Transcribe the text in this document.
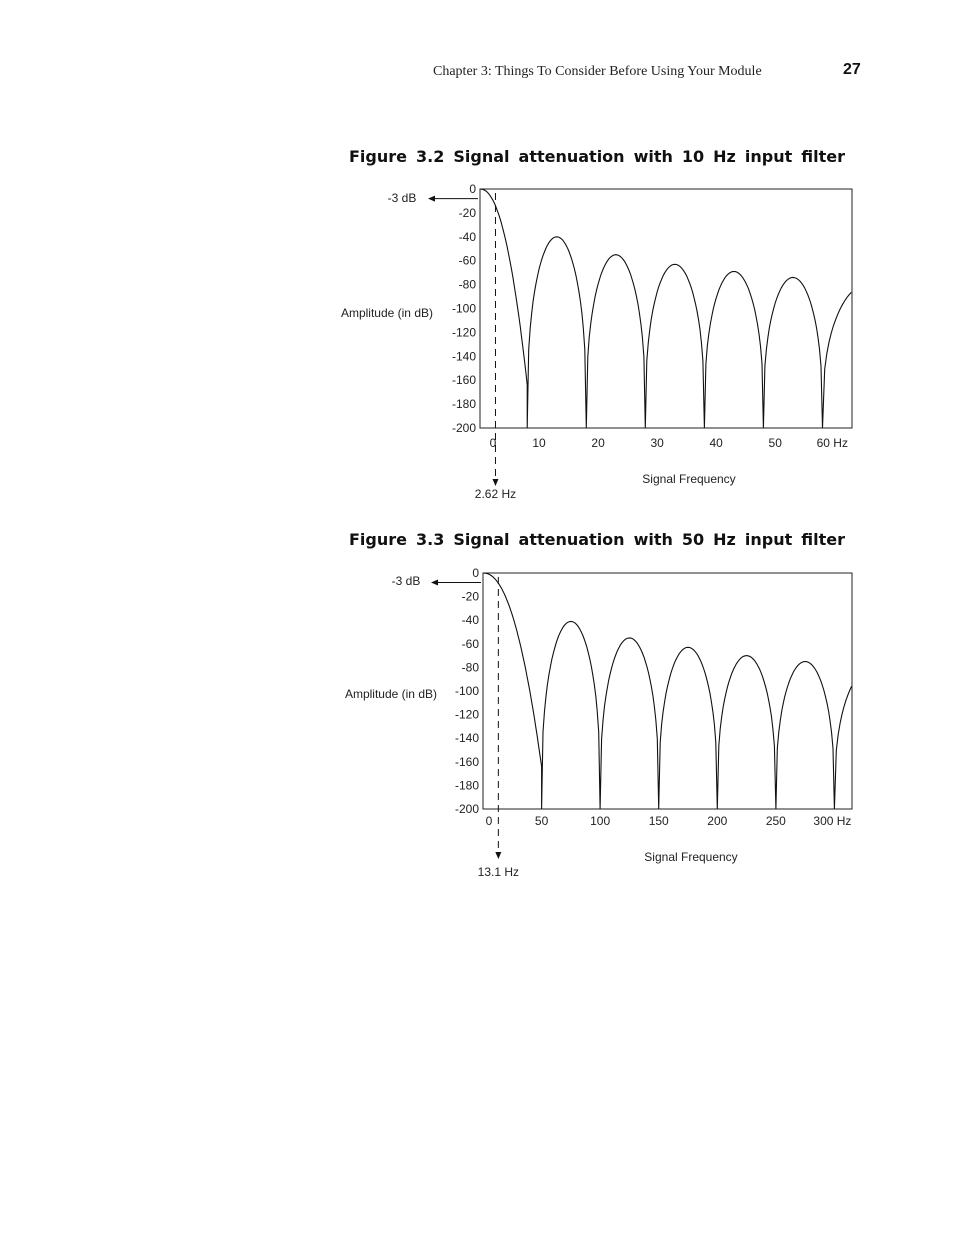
Chapter 3: Things To Consider Before Using Your Module	27
Figure 3.2 Signal attenuation with 10 Hz input filter
0
-20
-40
-60
-80
-100
-120
-140
-160
-180
-200
0	10	20	30	40	50	60 Hz
Amplitude (in dB)
Signal Frequency
-3 dB
2.62 Hz
Figure 3.3 Signal attenuation with 50 Hz input filter
0
-20
-40
-60
-80
-100
-120
-140
-160
-180
-200
0	50	100	150	200	250 300 Hz
Amplitude (in dB)
Signal Frequency
-3 dB
13.1 Hz
